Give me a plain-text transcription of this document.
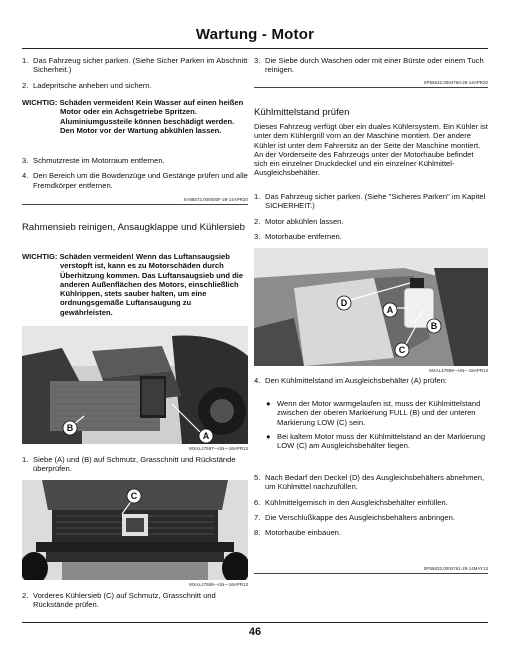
Wartung - Motor
1. Das Fahrzeug sicher parken. (Siehe Sicher Parken im Abschnitt Sicherheit.)
2. Ladepritsche anheben und sichern.

WICHTIG: Schäden vermeiden! Kein Wasser auf einen heißen Motor oder ein Achsgetriebe Spritzen. Aluminiumgussteile können beschädigt werden. Den Motor vor der Wartung abkühlen lassen.

3. Schmutzreste im Motorraum entfernen.
4. Den Bereich um die Bowdenzüge und Gestänge prüfen und alle Fremdkörper entfernen.
SV98572,000000F-29-14APR20
Rahmensieb reinigen, Ansaugklappe und Kühlersieb

WICHTIG: Schäden vermeiden! Wenn das Luftansaugsieb verstopft ist, kann es zu Motorschäden durch Überhitzung kommen. Das Luftansaugsieb und die anderen Außenflächen des Motors, einschließlich Kühlrippen, stets sauber halten, um eine ordnungsgemäße Luftansaugung zu gewährleisten.

B
A
MXAL47697—UN—16APR13
1. Siebe (A) und (B) auf Schmutz, Grasschnitt und Rückstände überprüfen.
C
MXAL47698—UN—16APR13
2. Vorderes Kühlersieb (C) auf Schmutz, Grasschnitt und Rückstände prüfen.
3. Die Siebe durch Waschen oder mit einer Bürste oder einem Tuch reinigen.
SP55632,0004760-29-14APR20
Kühlmittelstand prüfen

Dieses Fahrzeug verfügt über ein duales Kühlersystem. Ein Kühler ist unter dem Kühlergrill vorn an der Maschine montiert. Der andere Kühler ist unter dem Fahrersitz an der Seite der Maschine montiert. An der Vorderseite des Fahrzeugs unter der Motorhaube befindet sich ein einzelner Druckdeckel und ein einzelner Kühlmittel-Ausgleichsbehälter.

1. Das Fahrzeug sicher parken. (Siehe "Sicheres Parken" im Kapitel SICHERHEIT.)
2. Motor abkühlen lassen.
3. Motorhaube entfernen.
D
A
B
C
MXAL47699—UN—16APR13
4. Den Kühlmittelstand im Ausgleichsbehälter (A) prüfen:
● Wenn der Motor warmgelaufen ist, muss der Kühlmittelstand zwischen der oberen Markierung FULL (B) und der unteren Markierung LOW (C) sein.
● Bei kaltem Motor muss der Kühlmittelstand an der Markierung LOW (C) am Ausgleichsbehälter liegen.
5. Nach Bedarf den Deckel (D) des Ausgleichsbehälters abnehmen, um Kühlmittel nachzufüllen.
6. Kühlmittelgemisch in den Ausgleichsbehälter einfüllen.
7. Die Verschlußkappe des Ausgleichsbehälters anbringen.
8. Motorhaube einbauen.
SP55632,0004761-29-14MAY13
46
